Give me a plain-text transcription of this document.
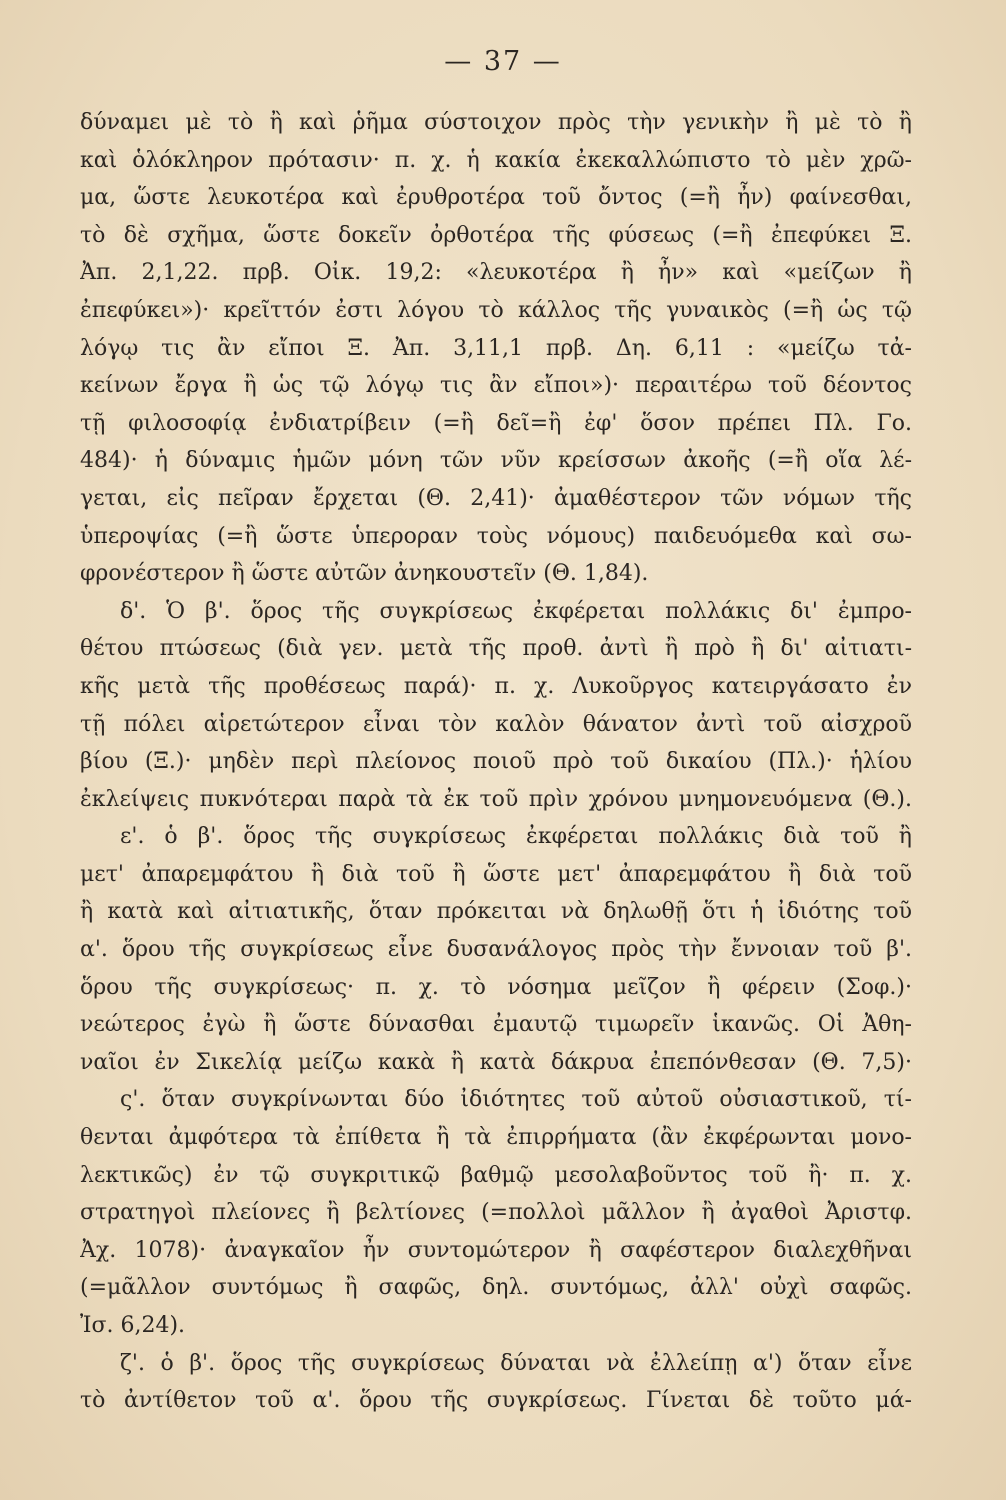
— 37 —
δύναμει μὲ τὸ ἢ καὶ ῥῆμα σύστοιχον πρὸς τὴν γενικὴν ἢ μὲ τὸ ἢ
καὶ ὁλόκληρον πρότασιν· π. χ. ἡ κακία ἐκεκαλλώπιστο τὸ μὲν χρῶ-
μα, ὥστε λευκοτέρα καὶ ἐρυθροτέρα τοῦ ὄντος (=ἢ ἦν) φαίνεσθαι,
τὸ δὲ σχῆμα, ὥστε δοκεῖν ὀρθοτέρα τῆς φύσεως (=ἢ ἐπεφύκει Ξ.
Ἀπ. 2,1,22. πρβ. Οἰκ. 19,2: «λευκοτέρα ἢ ἦν» καὶ «μείζων ἢ
ἐπεφύκει»)· κρεῖττόν ἐστι λόγου τὸ κάλλος τῆς γυναικὸς (=ἢ ὡς τῷ
λόγῳ τις ἂν εἴποι Ξ. Ἀπ. 3,11,1 πρβ. Δη. 6,11 : «μείζω τἀ-
κείνων ἔργα ἢ ὡς τῷ λόγῳ τις ἂν εἴποι»)· περαιτέρω τοῦ δέοντος
τῇ φιλοσοφίᾳ ἐνδιατρίβειν (=ἢ δεῖ=ἢ ἐφ' ὅσον πρέπει Πλ. Γο.
484)· ἡ δύναμις ἡμῶν μόνη τῶν νῦν κρείσσων ἀκοῆς (=ἢ οἵα λέ-
γεται, εἰς πεῖραν ἔρχεται (Θ. 2,41)· ἀμαθέστερον τῶν νόμων τῆς
ὑπεροψίας (=ἢ ὥστε ὑπεροραν τοὺς νόμους) παιδευόμεθα καὶ σω-
φρονέστερον ἢ ὥστε αὐτῶν ἀνηκουστεῖν (Θ. 1,84).
δ'. Ὁ β'. ὅρος τῆς συγκρίσεως ἐκφέρεται πολλάκις δι' ἐμπρο-
θέτου πτώσεως (διὰ γεν. μετὰ τῆς προθ. ἀντὶ ἢ πρὸ ἢ δι' αἰτιατι-
κῆς μετὰ τῆς προθέσεως παρά)· π. χ. Λυκοῦργος κατειργάσατο ἐν
τῇ πόλει αἱρετώτερον εἶναι τὸν καλὸν θάνατον ἀντὶ τοῦ αἰσχροῦ
βίου (Ξ.)· μηδὲν περὶ πλείονος ποιοῦ πρὸ τοῦ δικαίου (Πλ.)· ἡλίου
ἐκλείψεις πυκνότεραι παρὰ τὰ ἐκ τοῦ πρὶν χρόνου μνημονευόμενα (Θ.).
ε'. ὁ β'. ὅρος τῆς συγκρίσεως ἐκφέρεται πολλάκις διὰ τοῦ ἢ
μετ' ἀπαρεμφάτου ἢ διὰ τοῦ ἢ ὥστε μετ' ἀπαρεμφάτου ἢ διὰ τοῦ
ἢ κατὰ καὶ αἰτιατικῆς, ὅταν πρόκειται νὰ δηλωθῇ ὅτι ἡ ἰδιότης τοῦ
α'. ὅρου τῆς συγκρίσεως εἶνε δυσανάλογος πρὸς τὴν ἔννοιαν τοῦ β'.
ὅρου τῆς συγκρίσεως· π. χ. τὸ νόσημα μεῖζον ἢ φέρειν (Σοφ.)·
νεώτερος ἐγὼ ἢ ὥστε δύνασθαι ἐμαυτῷ τιμωρεῖν ἱκανῶς. Οἱ Ἀθη-
ναῖοι ἐν Σικελίᾳ μείζω κακὰ ἢ κατὰ δάκρυα ἐπεπόνθεσαν (Θ. 7,5)·
ς'. ὅταν συγκρίνωνται δύο ἰδιότητες τοῦ αὐτοῦ οὐσιαστικοῦ, τί-
θενται ἀμφότερα τὰ ἐπίθετα ἢ τὰ ἐπιρρήματα (ἂν ἐκφέρωνται μονο-
λεκτικῶς) ἐν τῷ συγκριτικῷ βαθμῷ μεσολαβοῦντος τοῦ ἢ· π. χ.
στρατηγοὶ πλείονες ἢ βελτίονες (=πολλοὶ μᾶλλον ἢ ἀγαθοὶ Ἀριστφ.
Ἀχ. 1078)· ἀναγκαῖον ἦν συντομώτερον ἢ σαφέστερον διαλεχθῆναι
(=μᾶλλον συντόμως ἢ σαφῶς, δηλ. συντόμως, ἀλλ' οὐχὶ σαφῶς.
Ἰσ. 6,24).
ζ'. ὁ β'. ὅρος τῆς συγκρίσεως δύναται νὰ ἐλλείπῃ α') ὅταν εἶνε
τὸ ἀντίθετον τοῦ α'. ὅρου τῆς συγκρίσεως. Γίνεται δὲ τοῦτο μά-
